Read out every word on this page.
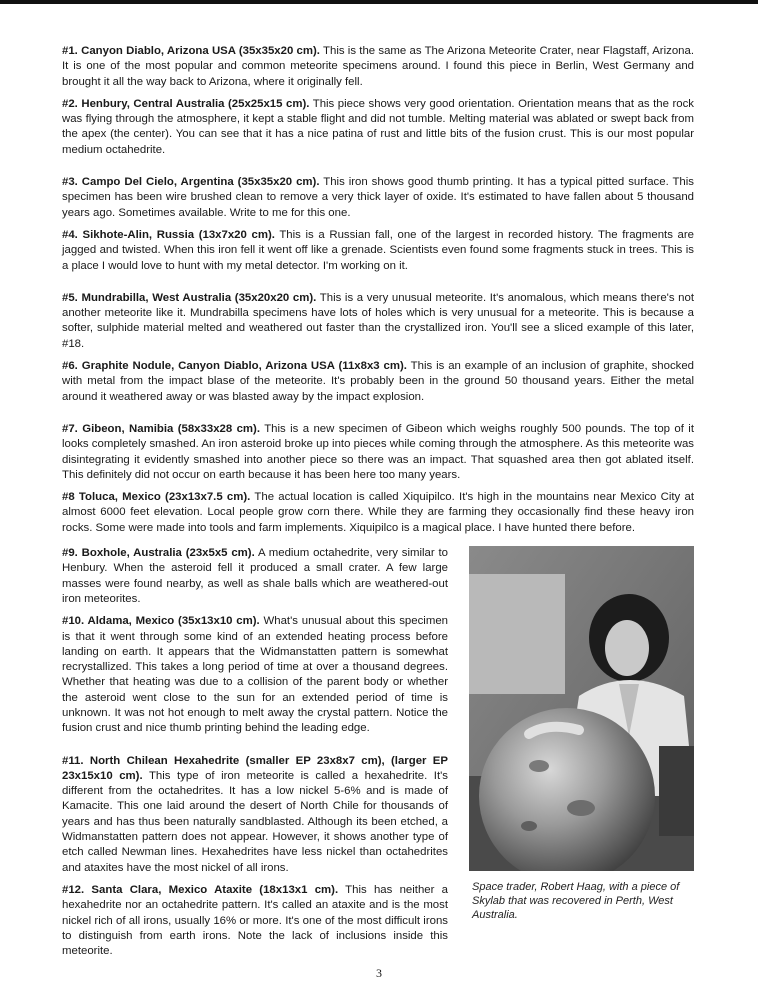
#1. Canyon Diablo, Arizona USA (35x35x20 cm). This is the same as The Arizona Meteorite Crater, near Flagstaff, Arizona. It is one of the most popular and common meteorite specimens around. I found this piece in Berlin, West Germany and brought it all the way back to Arizona, where it originally fell.

#2. Henbury, Central Australia (25x25x15 cm). This piece shows very good orientation. Orientation means that as the rock was flying through the atmosphere, it kept a stable flight and did not tumble. Melting material was ablated or swept back from the apex (the center). You can see that it has a nice patina of rust and little bits of the fusion crust. This is our most popular medium octahedrite.

#3. Campo Del Cielo, Argentina (35x35x20 cm). This iron shows good thumb printing. It has a typical pitted surface. This specimen has been wire brushed clean to remove a very thick layer of oxide. It's estimated to have fallen about 5 thousand years ago. Sometimes available. Write to me for this one.

#4. Sikhote-Alin, Russia (13x7x20 cm). This is a Russian fall, one of the largest in recorded history. The fragments are jagged and twisted. When this iron fell it went off like a grenade. Scientists even found some fragments stuck in trees. This is a place I would love to hunt with my metal detector. I'm working on it.

#5. Mundrabilla, West Australia (35x20x20 cm). This is a very unusual meteorite. It's anomalous, which means there's not another meteorite like it. Mundrabilla specimens have lots of holes which is very unusual for a meteorite. This is because a softer, sulphide material melted and weathered out faster than the crystallized iron. You'll see a sliced example of this later, #18.

#6. Graphite Nodule, Canyon Diablo, Arizona USA (11x8x3 cm). This is an example of an inclusion of graphite, shocked with metal from the impact blase of the meteorite. It's probably been in the ground 50 thousand years. Either the metal around it weathered away or was blasted away by the impact explosion.

#7. Gibeon, Namibia (58x33x28 cm). This is a new specimen of Gibeon which weighs roughly 500 pounds. The top of it looks completely smashed. An iron asteroid broke up into pieces while coming through the atmosphere. As this meteorite was disintegrating it evidently smashed into another piece so there was an impact. That squashed area then got ablated itself. This definitely did not occur on earth because it has been here too many years.

#8 Toluca, Mexico (23x13x7.5 cm). The actual location is called Xiquipilco. It's high in the mountains near Mexico City at almost 6000 feet elevation. Local people grow corn there. While they are farming they occasionally find these heavy iron rocks. Some were made into tools and farm implements. Xiquipilco is a magical place. I have hunted there before.

#9. Boxhole, Australia (23x5x5 cm). A medium octahedrite, very similar to Henbury. When the asteroid fell it produced a small crater. A few large masses were found nearby, as well as shale balls which are weathered-out iron meteorites.

#10. Aldama, Mexico (35x13x10 cm). What's unusual about this specimen is that it went through some kind of an extended heating process before landing on earth. It appears that the Widmanstatten pattern is somewhat recrystallized. This takes a long period of time at over a thousand degrees. Whether that heating was due to a collision of the parent body or whether the asteroid went close to the sun for an extended period of time is unknown. It was not hot enough to melt away the crystal pattern. Notice the fusion crust and nice thumb printing behind the leading edge.

#11. North Chilean Hexahedrite (smaller EP 23x8x7 cm), (larger EP 23x15x10 cm). This type of iron meteorite is called a hexahedrite. It's different from the octahedrites. It has a low nickel 5-6% and is made of Kamacite. This one laid around the desert of North Chile for thousands of years and has thus been naturally sandblasted. Although its been etched, a Widmanstatten pattern does not appear. However, it shows another type of etch called Newman lines. Hexahedrites have less nickel than octahedrites and ataxites have the most nickel of all irons.

#12. Santa Clara, Mexico Ataxite (18x13x1 cm). This has neither a hexahedrite nor an octahedrite pattern. It's called an ataxite and is the most nickel rich of all irons, usually 16% or more. It's one of the most difficult irons to distinguish from earth irons. Note the lack of inclusions inside this meteorite.

Space trader, Robert Haag, with a piece of Skylab that was recovered in Perth, West Australia.

3
